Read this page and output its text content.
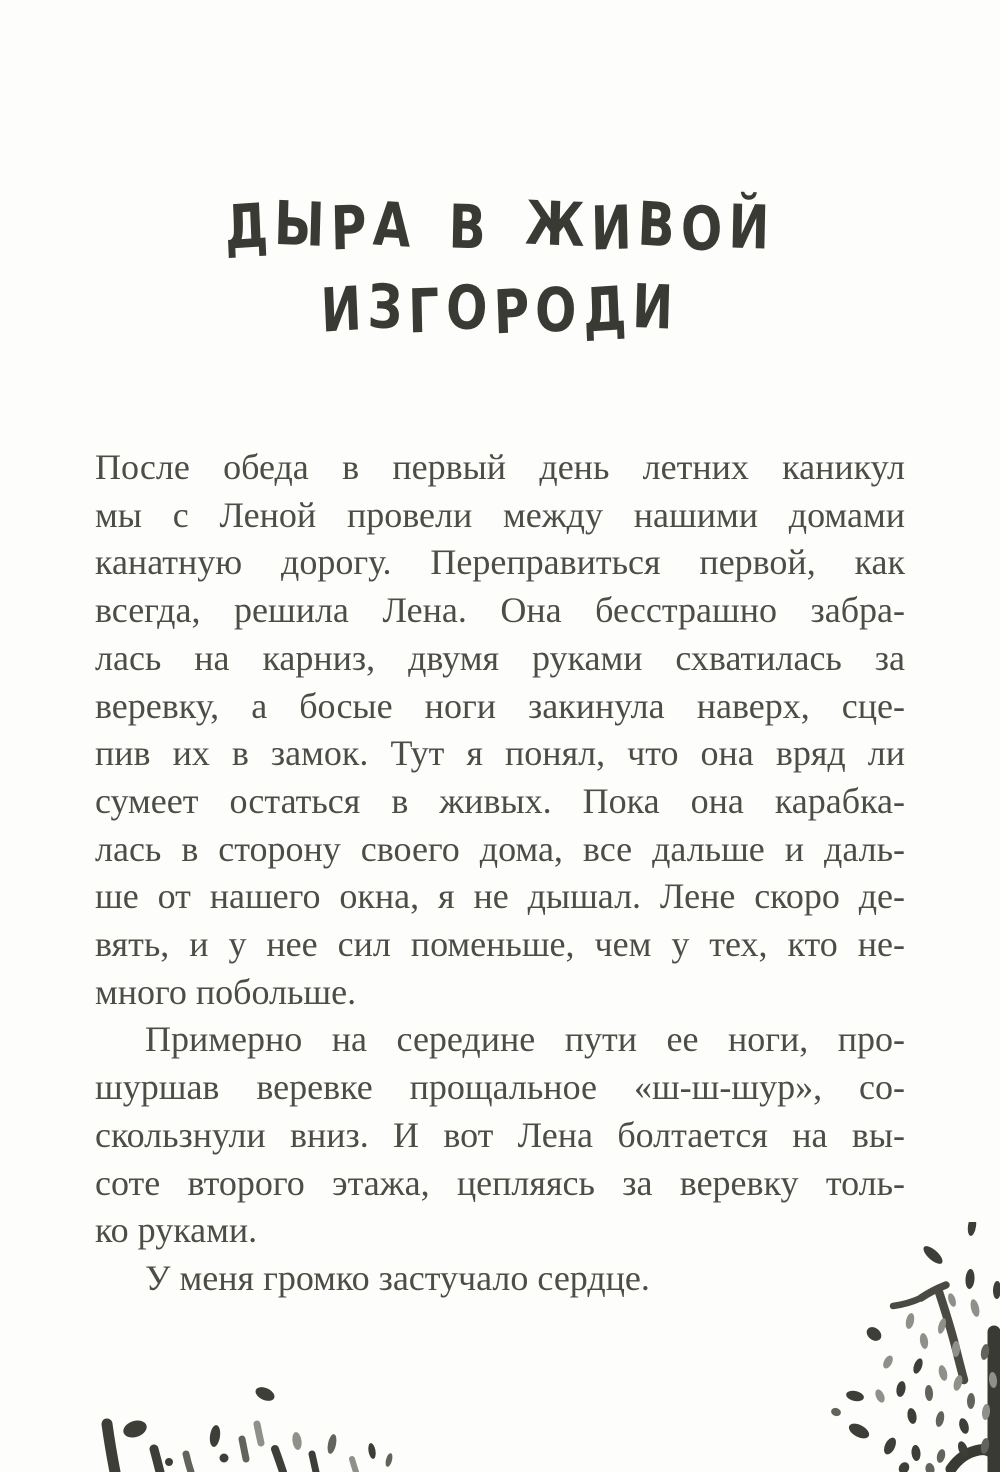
ДЫРА В ЖИВОЙ
ИЗГОРОДИ
После обеда в первый день летних каникул
мы с Леной провели между нашими домами
канатную дорогу. Переправиться первой, как
всегда, решила Лена. Она бесстрашно забра-
лась на карниз, двумя руками схватилась за
веревку, а босые ноги закинула наверх, сце-
пив их в замок. Тут я понял, что она вряд ли
сумеет остаться в живых. Пока она карабка-
лась в сторону своего дома, все дальше и даль-
ше от нашего окна, я не дышал. Лене скоро де-
вять, и у нее сил поменьше, чем у тех, кто не-
много побольше.
Примерно на середине пути ее ноги, про-
шуршав веревке прощальное «ш-ш-шур», со-
скользнули вниз. И вот Лена болтается на вы-
соте второго этажа, цепляясь за веревку толь-
ко руками.
У меня громко застучало сердце.
